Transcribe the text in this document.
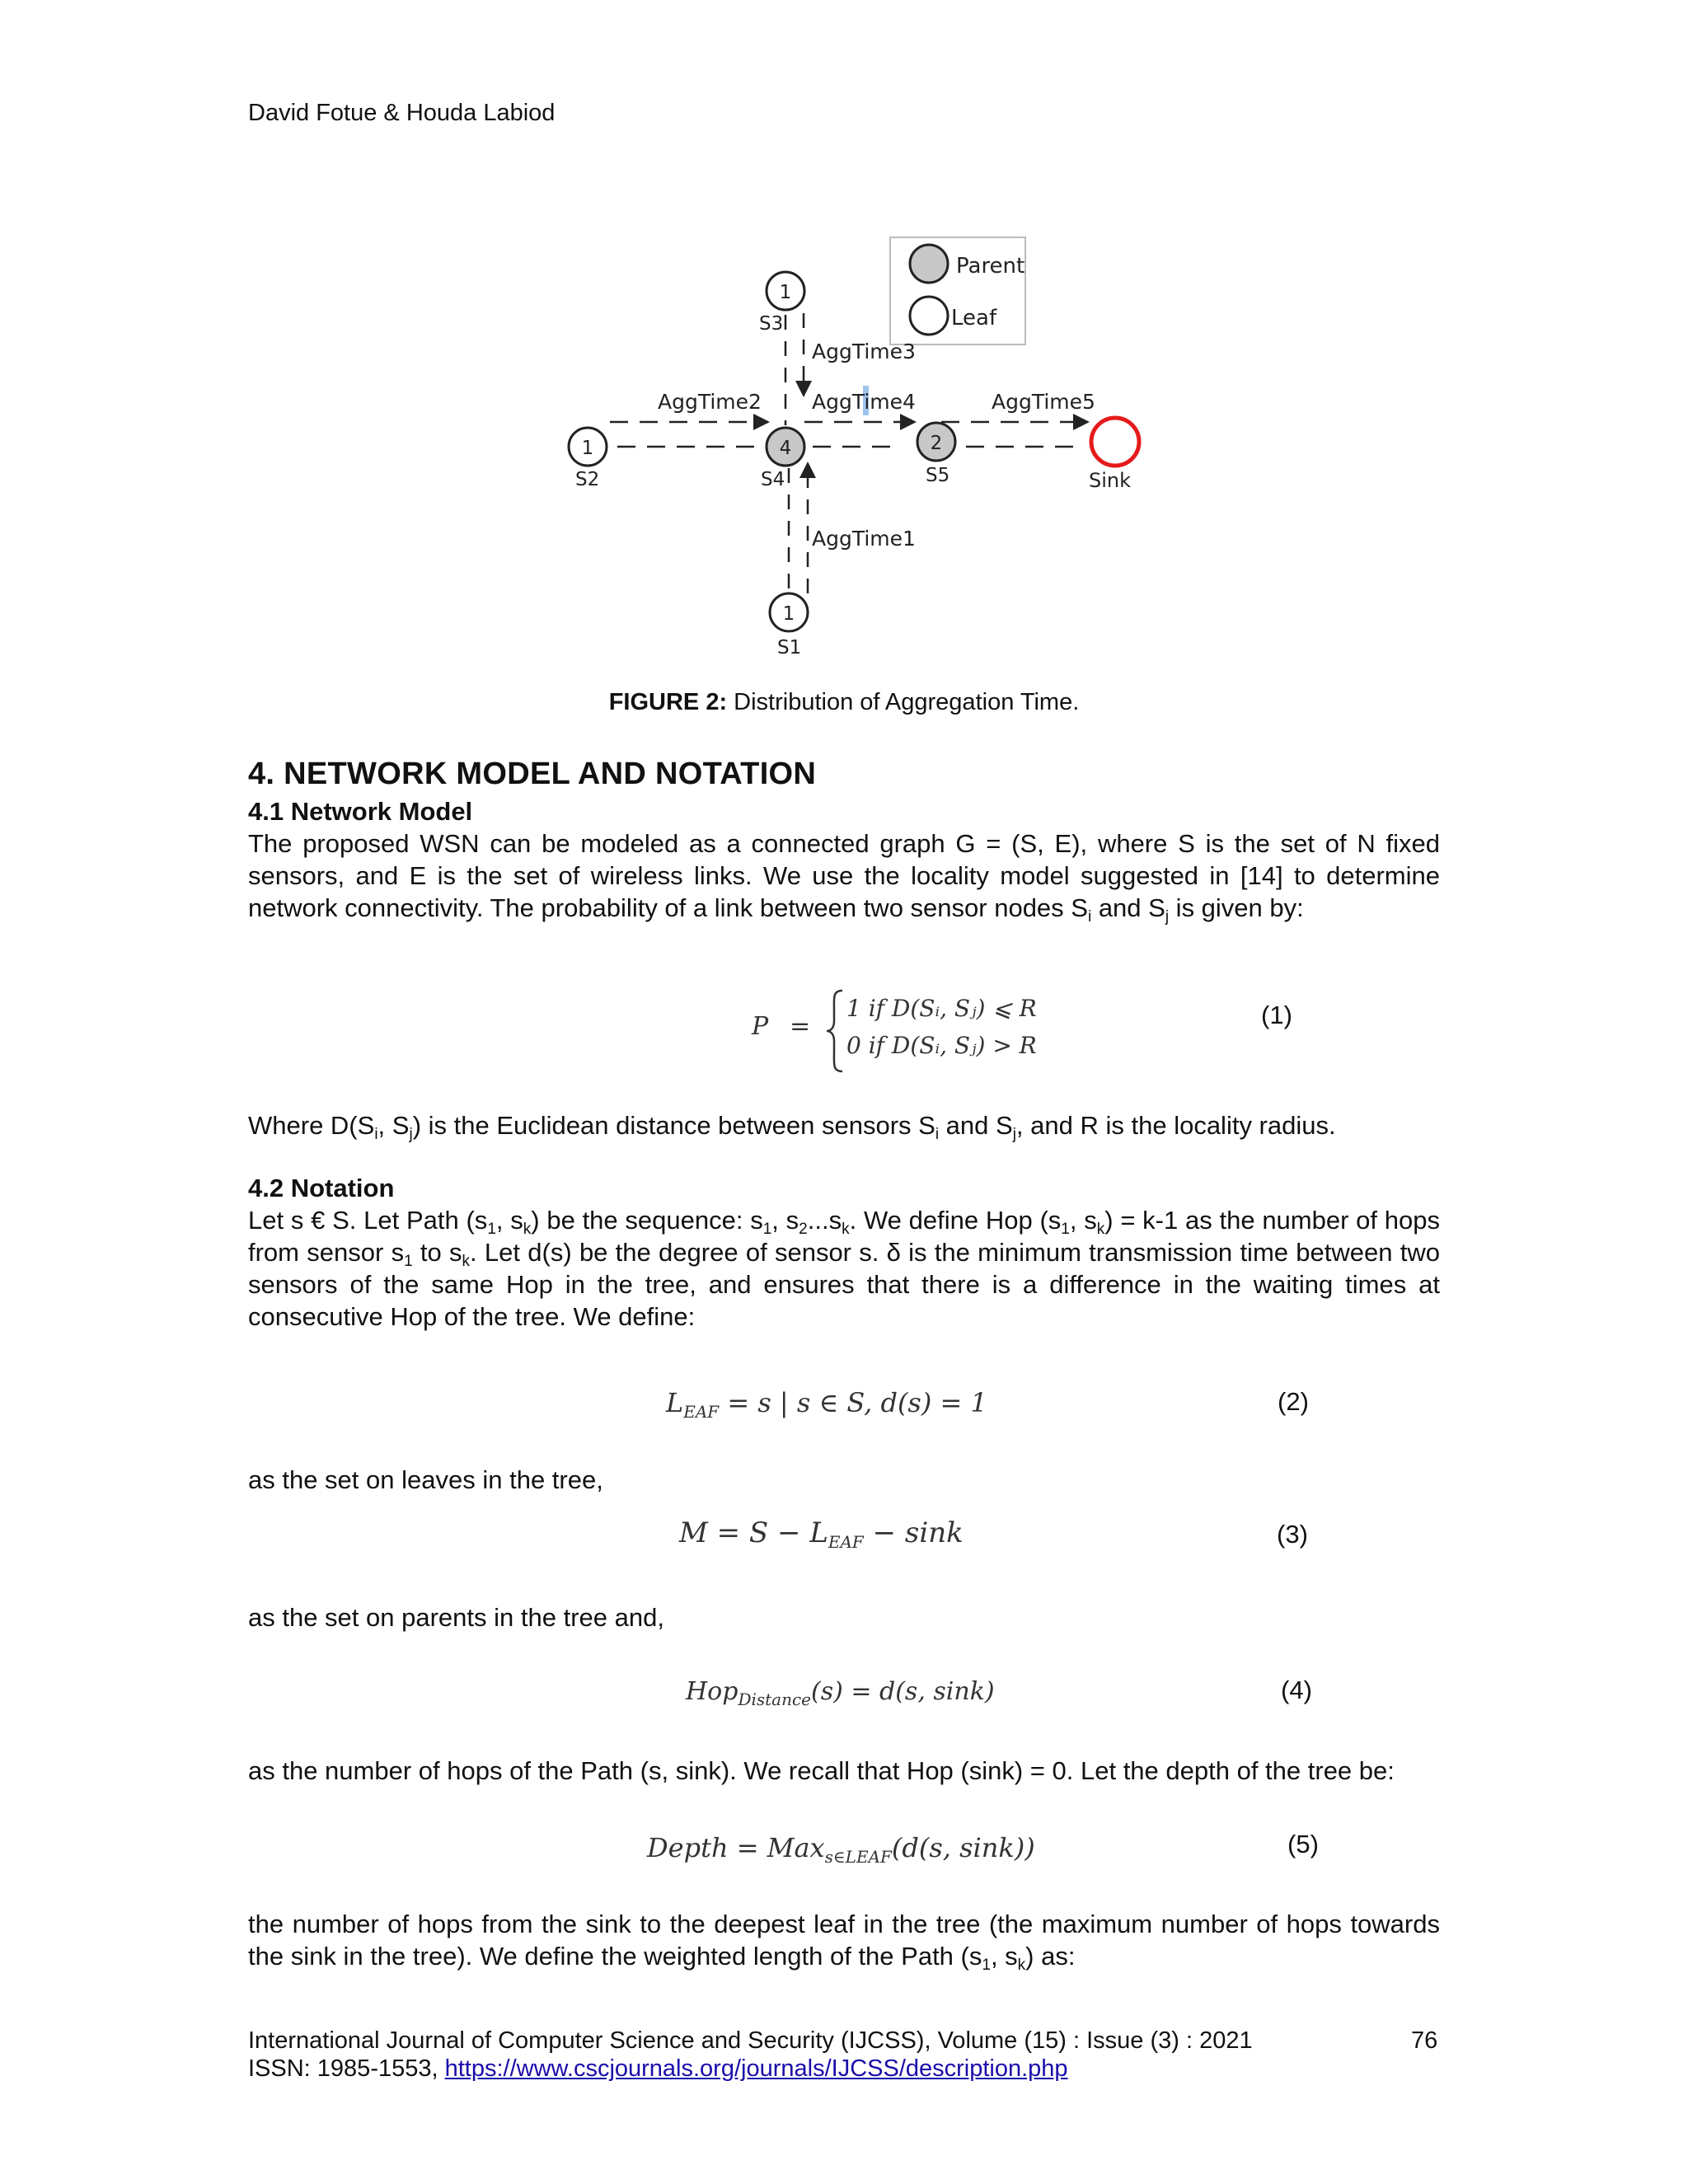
David Fotue & Houda Labiod
Parent
Leaf
AggTime3
AggTime2 AggTime4	AggTime5
AggTime1
1
S3
1
S2
4
S4
2
S5	Sink
1
S1
FIGURE 2: Distribution of Aggregation Time.
4. NETWORK MODEL AND NOTATION
4.1 Network Model
The proposed WSN can be modeled as a connected graph G = (S, E), where S is the set of N fixed sensors, and E is the set of wireless links. We use the locality model suggested in [14] to determine network connectivity. The probability of a link between two sensor nodes $S_i$ and $S_j$ is given by:
P =
1 if D(Sᵢ, Sⱼ) ⩽ R
0 if D(Sᵢ, Sⱼ) > R
(1)
Where $D(S_i$, $S_j$) is the Euclidean distance between sensors $S_i$ and $S_j$, and R is the locality radius.
4.2 Notation
Let s € S. Let Path ($s_1$, $s_k$) be the sequence: $s_1$, $s_2...s_k$. We define Hop ($s_1$, $s_k) = k-1$ as the number of hops from sensor $s_1$ to $s_k$. Let d(s) be the degree of sensor s. δ is the minimum transmission time between two sensors of the same Hop in the tree, and ensures that there is a difference in the waiting times at consecutive Hop of the tree. We define:
$L_{EAF} = s$ | s ∈ S, d(s) = 1	(2)
as the set on leaves in the tree,
$M = S - L_{EAF} - \sin k$	(3)
as the set on parents in the tree and,
Hop$_{Distance}$(s) = d(s, sink)	(4)
as the number of hops of the Path (s, sink). We recall that Hop (sink) = 0. Let the depth of the tree be:
Depth = Max$_{s\in LEAF}$(d(s, sink))	(5)
the number of hops from the sink to the deepest leaf in the tree (the maximum number of hops towards the sink in the tree). We define the weighted length of the Path ($s_1$, $s_k$) as:
International Journal of Computer Science and Security (IJCSS), Volume (15) : Issue (3) : 2021	76
ISSN: 1985-1553, https://www.cscjournals.org/journals/IJCSS/description.php
